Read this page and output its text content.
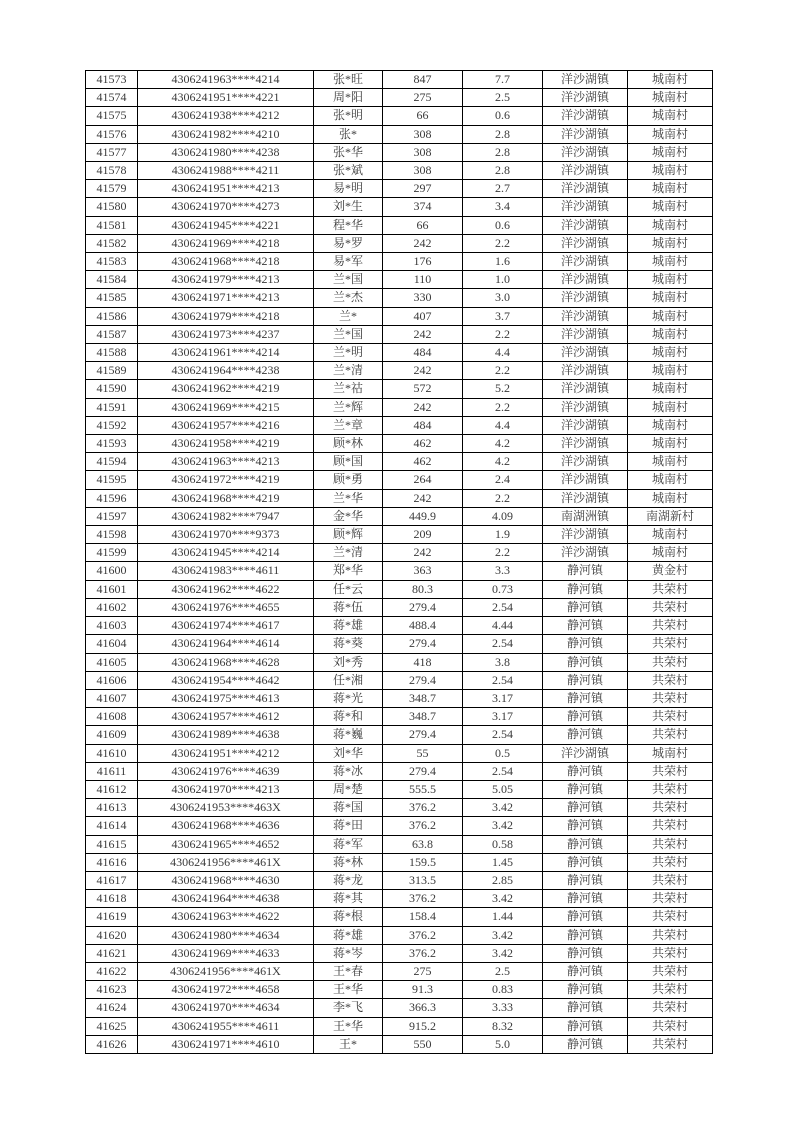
41573	4306241963****4214	张*旺	847	7.7	洋沙湖镇	城南村
41574	4306241951****4221	周*阳	275	2.5	洋沙湖镇	城南村
41575	4306241938****4212	张*明	66	0.6	洋沙湖镇	城南村
41576	4306241982****4210	张*	308	2.8	洋沙湖镇	城南村
41577	4306241980****4238	张*华	308	2.8	洋沙湖镇	城南村
41578	4306241988****4211	张*斌	308	2.8	洋沙湖镇	城南村
41579	4306241951****4213	易*明	297	2.7	洋沙湖镇	城南村
41580	4306241970****4273	刘*生	374	3.4	洋沙湖镇	城南村
41581	4306241945****4221	程*华	66	0.6	洋沙湖镇	城南村
41582	4306241969****4218	易*罗	242	2.2	洋沙湖镇	城南村
41583	4306241968****4218	易*军	176	1.6	洋沙湖镇	城南村
41584	4306241979****4213	兰*国	110	1.0	洋沙湖镇	城南村
41585	4306241971****4213	兰*杰	330	3.0	洋沙湖镇	城南村
41586	4306241979****4218	兰*	407	3.7	洋沙湖镇	城南村
41587	4306241973****4237	兰*国	242	2.2	洋沙湖镇	城南村
41588	4306241961****4214	兰*明	484	4.4	洋沙湖镇	城南村
41589	4306241964****4238	兰*清	242	2.2	洋沙湖镇	城南村
41590	4306241962****4219	兰*祜	572	5.2	洋沙湖镇	城南村
41591	4306241969****4215	兰*辉	242	2.2	洋沙湖镇	城南村
41592	4306241957****4216	兰*章	484	4.4	洋沙湖镇	城南村
41593	4306241958****4219	顾*林	462	4.2	洋沙湖镇	城南村
41594	4306241963****4213	顾*国	462	4.2	洋沙湖镇	城南村
41595	4306241972****4219	顾*勇	264	2.4	洋沙湖镇	城南村
41596	4306241968****4219	兰*华	242	2.2	洋沙湖镇	城南村
41597	4306241982****7947	金*华	449.9	4.09	南湖洲镇	南湖新村
41598	4306241970****9373	顾*辉	209	1.9	洋沙湖镇	城南村
41599	4306241945****4214	兰*清	242	2.2	洋沙湖镇	城南村
41600	4306241983****4611	郑*华	363	3.3	静河镇	黄金村
41601	4306241962****4622	任*云	80.3	0.73	静河镇	共荣村
41602	4306241976****4655	蒋*伍	279.4	2.54	静河镇	共荣村
41603	4306241974****4617	蒋*雄	488.4	4.44	静河镇	共荣村
41604	4306241964****4614	蒋*葵	279.4	2.54	静河镇	共荣村
41605	4306241968****4628	刘*秀	418	3.8	静河镇	共荣村
41606	4306241954****4642	任*湘	279.4	2.54	静河镇	共荣村
41607	4306241975****4613	蒋*光	348.7	3.17	静河镇	共荣村
41608	4306241957****4612	蒋*和	348.7	3.17	静河镇	共荣村
41609	4306241989****4638	蒋*巍	279.4	2.54	静河镇	共荣村
41610	4306241951****4212	刘*华	55	0.5	洋沙湖镇	城南村
41611	4306241976****4639	蒋*冰	279.4	2.54	静河镇	共荣村
41612	4306241970****4213	周*楚	555.5	5.05	静河镇	共荣村
41613	4306241953****463X	蒋*国	376.2	3.42	静河镇	共荣村
41614	4306241968****4636	蒋*田	376.2	3.42	静河镇	共荣村
41615	4306241965****4652	蒋*军	63.8	0.58	静河镇	共荣村
41616	4306241956****461X	蒋*林	159.5	1.45	静河镇	共荣村
41617	4306241968****4630	蒋*龙	313.5	2.85	静河镇	共荣村
41618	4306241964****4638	蒋*其	376.2	3.42	静河镇	共荣村
41619	4306241963****4622	蒋*根	158.4	1.44	静河镇	共荣村
41620	4306241980****4634	蒋*雄	376.2	3.42	静河镇	共荣村
41621	4306241969****4633	蒋*岑	376.2	3.42	静河镇	共荣村
41622	4306241956****461X	王*春	275	2.5	静河镇	共荣村
41623	4306241972****4658	王*华	91.3	0.83	静河镇	共荣村
41624	4306241970****4634	李*飞	366.3	3.33	静河镇	共荣村
41625	4306241955****4611	王*华	915.2	8.32	静河镇	共荣村
41626	4306241971****4610	王*	550	5.0	静河镇	共荣村
